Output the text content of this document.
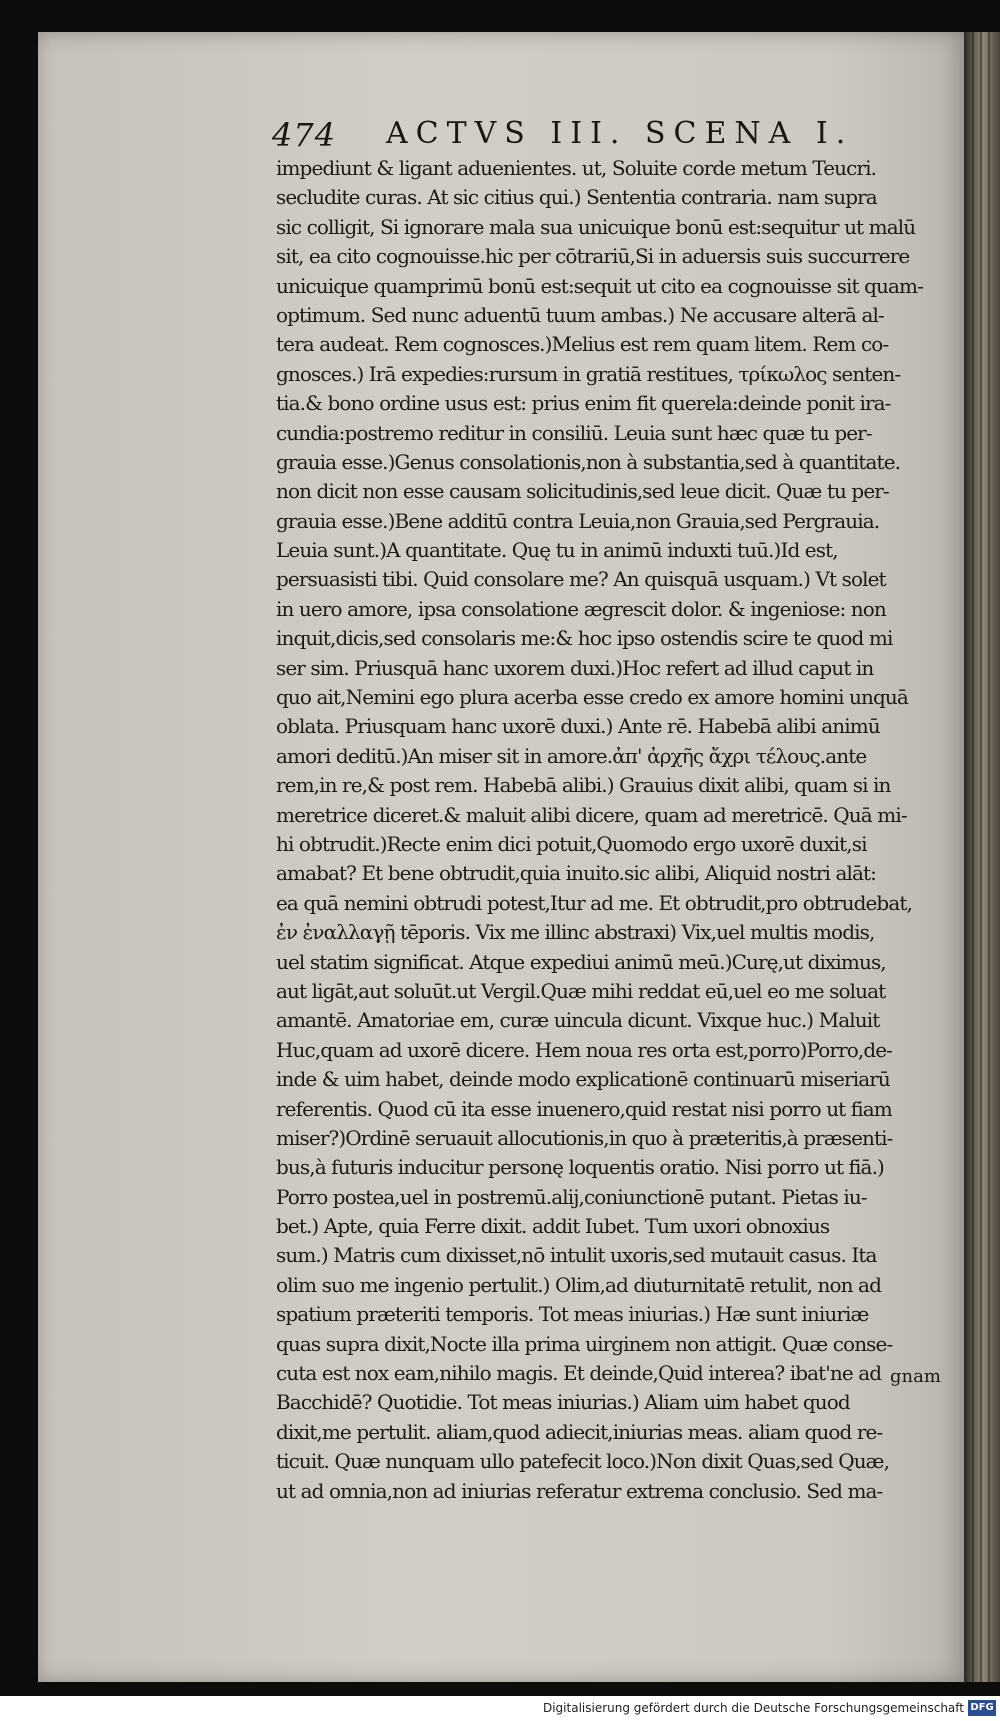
474 ACTVS III. SCENA I.
impediunt & ligant aduenientes. ut, Soluite corde metum Teucri.
secludite curas. At sic citius qui.) Sententia contraria. nam supra
sic colligit, Si ignorare mala sua unicuique bonū est:sequitur ut malū
sit, ea cito cognouisse.hic per cōtrariū,Si in aduersis suis succurrere
unicuique quamprimū bonū est:sequit ut cito ea cognouisse sit quam-
optimum. Sed nunc aduentū tuum ambas.) Ne accusare alterā al-
tera audeat. Rem cognosces.)Melius est rem quam litem. Rem co-
gnosces.) Irā expedies:rursum in gratiā restitues, τρίκωλος senten-
tia.& bono ordine usus est: prius enim fit querela:deinde ponit ira-
cundia:postremo reditur in consiliū. Leuia sunt hæc quæ tu per-
grauia esse.)Genus consolationis,non à substantia,sed à quantitate.
non dicit non esse causam solicitudinis,sed leue dicit. Quæ tu per-
grauia esse.)Bene additū contra Leuia,non Grauia,sed Pergrauia.
Leuia sunt.)A quantitate. Quę tu in animū induxti tuū.)Id est,
persuasisti tibi. Quid consolare me? An quisquā usquam.) Vt solet
in uero amore, ipsa consolatione ægrescit dolor. & ingeniose: non
inquit,dicis,sed consolaris me:& hoc ipso ostendis scire te quod mi
ser sim. Priusquā hanc uxorem duxi.)Hoc refert ad illud caput in
quo ait,Nemini ego plura acerba esse credo ex amore homini unquā
oblata. Priusquam hanc uxorē duxi.) Ante rē. Habebā alibi animū
amori deditū.)An miser sit in amore.ἀπ' ἀρχῆς ἄχρι τέλους.ante
rem,in re,& post rem. Habebā alibi.) Grauius dixit alibi, quam si in
meretrice diceret.& maluit alibi dicere, quam ad meretricē. Quā mi-
hi obtrudit.)Recte enim dici potuit,Quomodo ergo uxorē duxit,si
amabat? Et bene obtrudit,quia inuito.sic alibi, Aliquid nostri alāt:
ea quā nemini obtrudi potest,Itur ad me. Et obtrudit,pro obtrudebat,
ἐν ἐναλλαγῇ tēporis. Vix me illinc abstraxi) Vix,uel multis modis,
uel statim significat. Atque expediui animū meū.)Curę,ut diximus,
aut ligāt,aut soluūt.ut Vergil.Quæ mihi reddat eū,uel eo me soluat
amantē. Amatoriae em, curæ uincula dicunt. Vixque huc.) Maluit
Huc,quam ad uxorē dicere. Hem noua res orta est,porro)Porro,de-
inde & uim habet, deinde modo explicationē continuarū miseriarū
referentis. Quod cū ita esse inuenero,quid restat nisi porro ut fiam
miser?)Ordinē seruauit allocutionis,in quo à præteritis,à præsenti-
bus,à futuris inducitur personę loquentis oratio. Nisi porro ut fiā.)
Porro postea,uel in postremū.alij,coniunctionē putant. Pietas iu-
bet.) Apte, quia Ferre dixit. addit Iubet. Tum uxori obnoxius
sum.) Matris cum dixisset,nō intulit uxoris,sed mutauit casus. Ita
olim suo me ingenio pertulit.) Olim,ad diuturnitatē retulit, non ad
spatium præteriti temporis. Tot meas iniurias.) Hæ sunt iniuriæ
quas supra dixit,Nocte illa prima uirginem non attigit. Quæ conse-
cuta est nox eam,nihilo magis. Et deinde,Quid interea? ibat'ne ad
Bacchidē? Quotidie. Tot meas iniurias.) Aliam uim habet quod
dixit,me pertulit. aliam,quod adiecit,iniurias meas. aliam quod re-
ticuit. Quæ nunquam ullo patefecit loco.)Non dixit Quas,sed Quæ,
ut ad omnia,non ad iniurias referatur extrema conclusio. Sed ma-
gnam
Digitalisierung gefördert durch die Deutsche Forschungsgemeinschaft DFG
